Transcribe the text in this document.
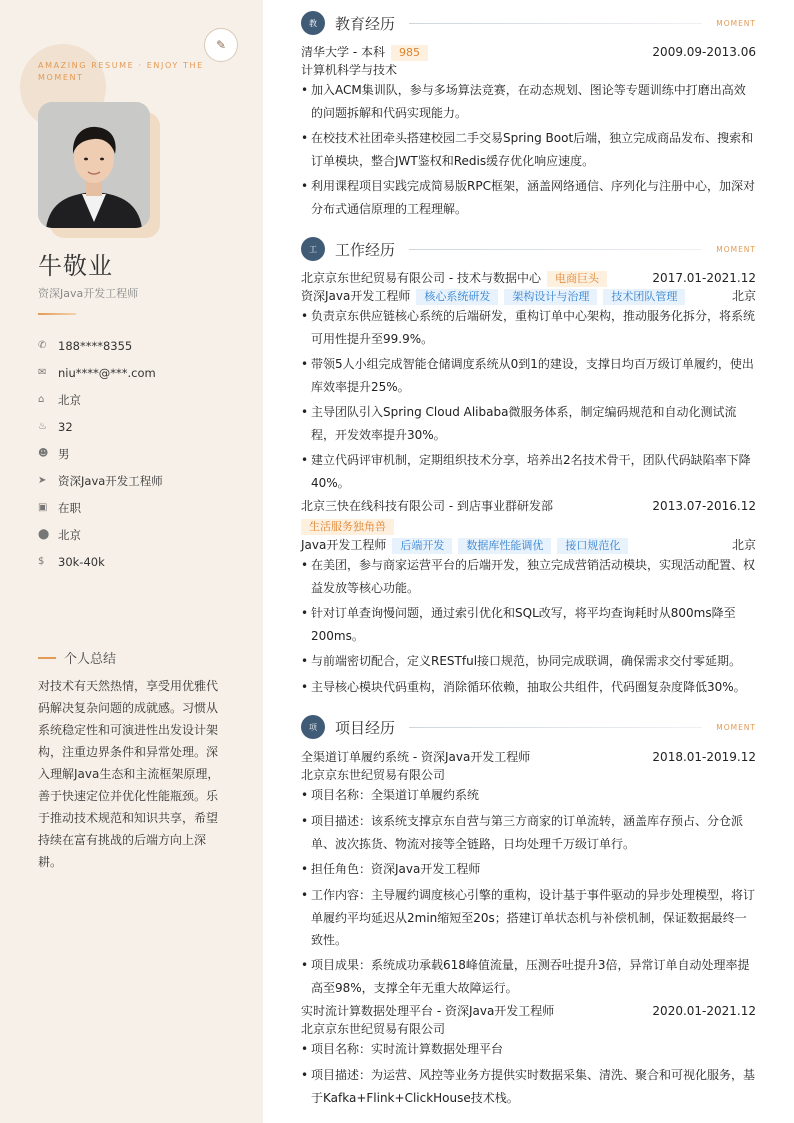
AMAZING RESUME · ENJOY THE MOMENT
✎
牛敬业
资深Java开发工程师
✆	188****8355
✉	niu****@***.com
⌂	北京
♨ 32
☻ 男
➤	资深Java开发工程师
▣ 在职
⬤ 北京
$	30k-40k
个人总结
对技术有天然热情，享受用优雅代码解决复杂问题的成就感。习惯从系统稳定性和可演进性出发设计架构，注重边界条件和异常处理。深入理解Java生态和主流框架原理，善于快速定位并优化性能瓶颈。乐于推动技术规范和知识共享，希望持续在富有挑战的后端方向上深耕。
教	教育经历	MOMENT
清华大学 - 本科 985	2009.09-2013.06
计算机科学与技术
• 加入ACM集训队，参与多场算法竞赛，在动态规划、图论等专题训练中打磨出高效的问题拆解和代码实现能力。
• 在校技术社团牵头搭建校园二手交易Spring Boot后端，独立完成商品发布、搜索和订单模块，整合JWT鉴权和Redis缓存优化响应速度。
• 利用课程项目实践完成简易版RPC框架，涵盖网络通信、序列化与注册中心，加深对分布式通信原理的工程理解。
工	工作经历	MOMENT
北京京东世纪贸易有限公司 - 技术与数据中心 电商巨头	2017.01-2021.12
资深Java开发工程师 核心系统研发 架构设计与治理 技术团队管理	北京
• 负责京东供应链核心系统的后端研发，重构订单中心架构，推动服务化拆分，将系统可用性提升至99.9%。
• 带领5人小组完成智能仓储调度系统从0到1的建设，支撑日均百万级订单履约，使出库效率提升25%。
• 主导团队引入Spring Cloud Alibaba微服务体系，制定编码规范和自动化测试流程，开发效率提升30%。
• 建立代码评审机制，定期组织技术分享，培养出2名技术骨干，团队代码缺陷率下降40%。
北京三快在线科技有限公司 - 到店事业群研发部	2013.07-2016.12
生活服务独角兽
Java开发工程师 后端开发 数据库性能调优 接口规范化	北京
• 在美团，参与商家运营平台的后端开发，独立完成营销活动模块，实现活动配置、权益发放等核心功能。
• 针对订单查询慢问题，通过索引优化和SQL改写，将平均查询耗时从800ms降至200ms。
• 与前端密切配合，定义RESTful接口规范，协同完成联调，确保需求交付零延期。
• 主导核心模块代码重构，消除循环依赖，抽取公共组件，代码圈复杂度降低30%。
项	项目经历	MOMENT
全渠道订单履约系统 - 资深Java开发工程师	2018.01-2019.12
北京京东世纪贸易有限公司
• 项目名称：全渠道订单履约系统
• 项目描述：该系统支撑京东自营与第三方商家的订单流转，涵盖库存预占、分仓派单、波次拣货、物流对接等全链路，日均处理千万级订单行。
• 担任角色：资深Java开发工程师
• 工作内容：主导履约调度核心引擎的重构，设计基于事件驱动的异步处理模型，将订单履约平均延迟从2min缩短至20s；搭建订单状态机与补偿机制，保证数据最终一致性。
• 项目成果：系统成功承载618峰值流量，压测吞吐提升3倍，异常订单自动处理率提高至98%，支撑全年无重大故障运行。
实时流计算数据处理平台 - 资深Java开发工程师	2020.01-2021.12
北京京东世纪贸易有限公司
• 项目名称：实时流计算数据处理平台
• 项目描述：为运营、风控等业务方提供实时数据采集、清洗、聚合和可视化服务，基于Kafka+Flink+ClickHouse技术栈。
